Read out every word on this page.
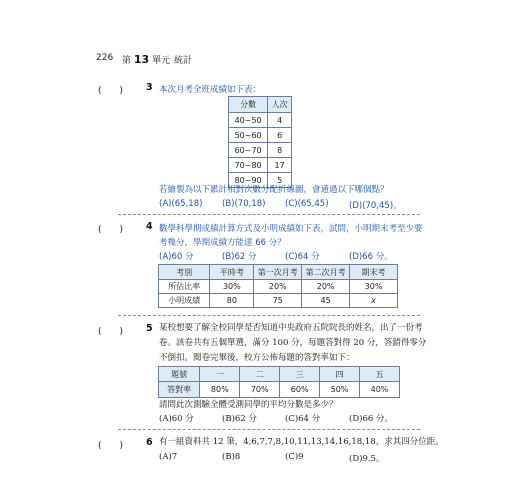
226 第 13 單元 統計
(　　) 3 本次月考全班成績如下表：
分數	人次
40~50	4
50~60	6
60~70	8
70~80	17
80~90	5
若繪製為以下累計相對次數分配折線圖，會通過以下哪個點？
(A)(65,18) (B)(70,18) (C)(65,45) (D)(70,45)。
(　　) 4 數學科學期成績計算方式及小明成績如下表，試問，小明期末考至少要
考幾分，學期成績方能達 66 分？
(A)60 分	(B)62 分	(C)64 分	(D)66 分。
考別	平時考	第一次月考	第二次月考	期末考
所佔比率	30%	20%	20%	30%
小明成績	80	75	45	x
(　　) 5 某校想要了解全校同學是否知道中央政府五院院長的姓名，出了一份考
卷。該卷共有五個單選，滿分 100 分，每題答對得 20 分，答錯得零分
不倒扣。閱卷完畢後，校方公佈每題的答對率如下：
題號	一	二	三	四	五
答對率	80%	70%	60%	50%	40%
請問此次測驗全體受測同學的平均分數是多少？
(A)60 分	(B)62 分	(C)64 分	(D)66 分。
(　　) 6 有一組資料共 12 筆，4,6,7,7,8,10,11,13,14,16,18,18，求其四分位距。
(A)7	(B)8	(C)9	(D)9.5。
